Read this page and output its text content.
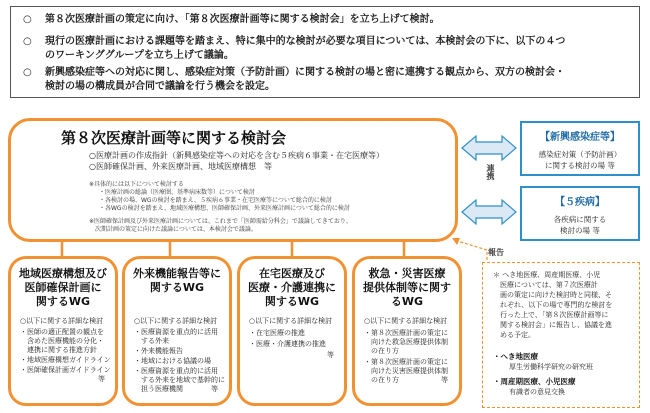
○ 第８次医療計画の策定に向け、「第８次医療計画等に関する検討会」を立ち上げて検討。
○ 現行の医療計画における課題等を踏まえ、特に集中的な検討が必要な項目については、本検討会の下に、以下の４つ
のワーキンググループを立ち上げて議論。
○ 新興感染症等への対応に関し、感染症対策（予防計画）に関する検討の場と密に連携する観点から、双方の検討会・
検討の場の構成員が合同で議論を行う機会を設定。
第８次医療計画等に関する検討会
○医療計画の作成指針（新興感染症等への対応を含む５疾病６事業・在宅医療等）
○医師確保計画、外来医療計画、地域医療構想　等
※具体的には以下について検討する
・医療計画の総論（医療圏、基準病床数等）について検討
・各検討の場、WGの検討を踏まえ、５疾病６事業・在宅医療等について総合的に検討
・各WGの検討を踏まえ、地域医療構想、医師確保計画、外来医療計画について総合的に検討
※医師確保計画及び外来医療計画については、これまで「医師需給分科会」で議論してきており、
　次期計画の策定に向けた議論については、本検討会で議論。
連携
【新興感染症等】
感染症対策（予防計画）
に関する検討の場 等
【５疾病】
各疾病に関する
検討の場 等
報告
地域医療構想及び
医師確保計画に
関するWG
○以下に関する詳細な検討
・医師の適正配置の観点を
　含めた医療機能の分化・
　連携に関する推進方針
・地域医療構想ガイドライン
・医師確保計画ガイドライン
　等
外来機能報告等に
関するWG
○以下に関する詳細な検討
・医療資源を重点的に活用
　する外来
・外来機能報告
・地域における協議の場
・医療資源を重点的に活用
　する外来を地域で基幹的に
　担う医療機関　　　　等
在宅医療及び
医療・介護連携に
関するWG
○以下に関する詳細な検討
・在宅医療の推進
・医療・介護連携の推進
　等
救急・災害医療
提供体制等に関す
るWG
○以下に関する詳細な検討
・第８次医療計画の策定に
　向けた救急医療提供体制
　の在り方
・第８次医療計画の策定に
　向けた災害医療提供体制
　の在り方　　　　　　等
＊ へき地医療、周産期医療、小児
　医療については、第７次医療計
　画の策定に向けた検討時と同様、そ
　れぞれ、以下の場で専門的な検討を
　行った上で、「第８次医療計画等に
　関する検討会」に報告し、協議を進
　める予定。
・へき地医療
厚生労働科学研究の研究班
・周産期医療、小児医療
有識者の意見交換
